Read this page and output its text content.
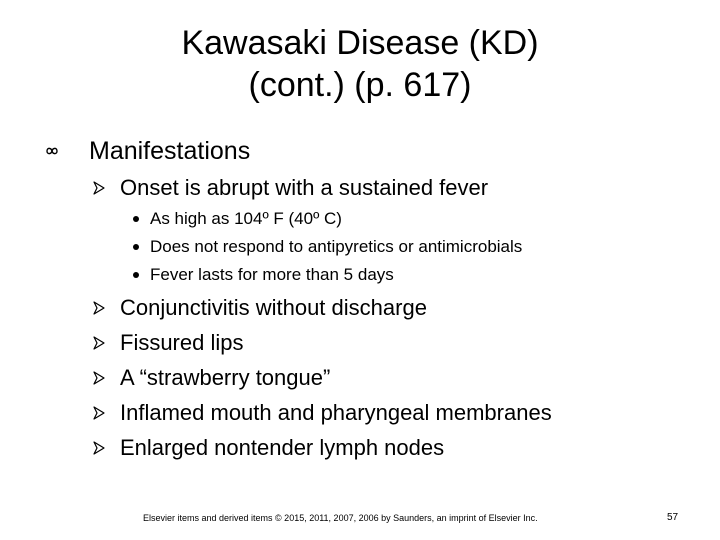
Kawasaki Disease (KD)
(cont.) (p. 617)
Manifestations
Onset is abrupt with a sustained fever
As high as 104º F (40º C)
Does not respond to antipyretics or antimicrobials
Fever lasts for more than 5 days
Conjunctivitis without discharge
Fissured lips
A “strawberry tongue”
Inflamed mouth and pharyngeal membranes
Enlarged nontender lymph nodes
Elsevier items and derived items © 2015, 2011, 2007, 2006 by Saunders, an imprint of Elsevier Inc.	57
